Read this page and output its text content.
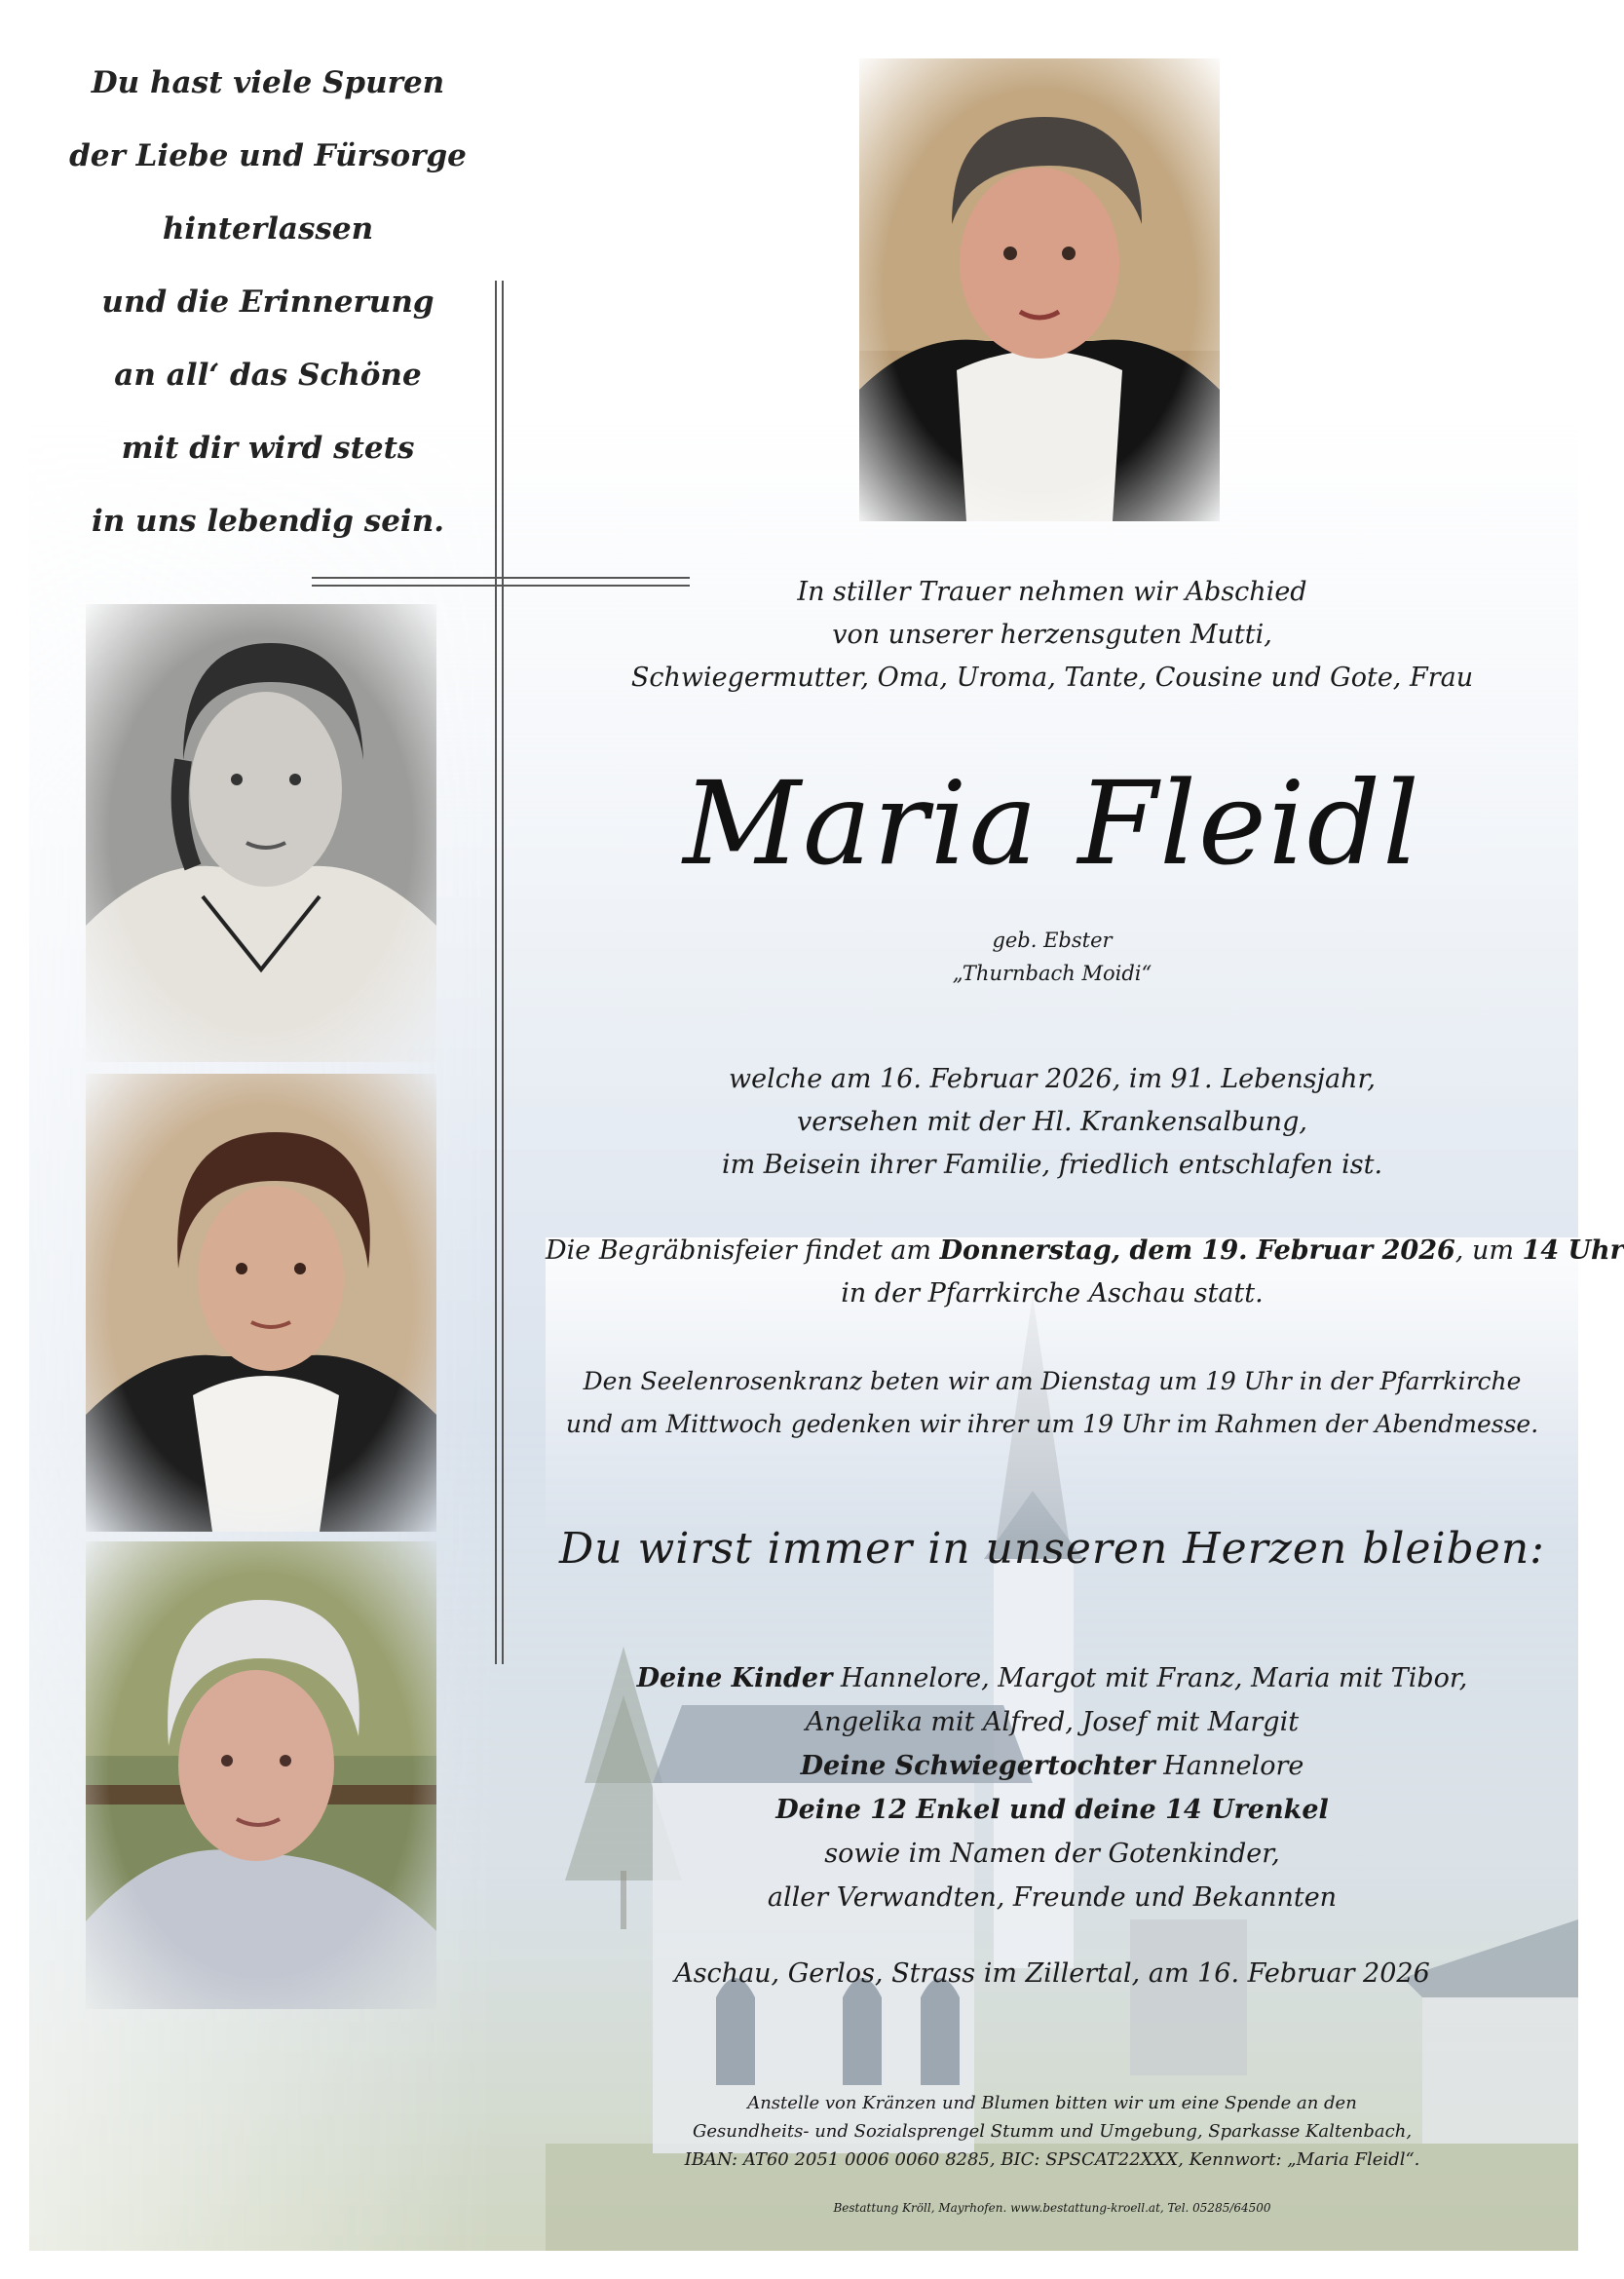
Du hast viele Spuren
der Liebe und Fürsorge
hinterlassen
und die Erinnerung
an all‘ das Schöne
mit dir wird stets
in uns lebendig sein.
In stiller Trauer nehmen wir Abschied
von unserer herzensguten Mutti,
Schwiegermutter, Oma, Uroma, Tante, Cousine und Gote, Frau
Maria Fleidl
geb. Ebster
„Thurnbach Moidi“
welche am 16. Februar 2026, im 91. Lebensjahr,
versehen mit der Hl. Krankensalbung,
im Beisein ihrer Familie, friedlich entschlafen ist.
Die Begräbnisfeier findet am Donnerstag, dem 19. Februar 2026, um 14 Uhr
in der Pfarrkirche Aschau statt.
Den Seelenrosenkranz beten wir am Dienstag um 19 Uhr in der Pfarrkirche
und am Mittwoch gedenken wir ihrer um 19 Uhr im Rahmen der Abendmesse.
Du wirst immer in unseren Herzen bleiben:
Deine Kinder Hannelore, Margot mit Franz, Maria mit Tibor,
Angelika mit Alfred, Josef mit Margit
Deine Schwiegertochter Hannelore
Deine 12 Enkel und deine 14 Urenkel
sowie im Namen der Gotenkinder,
aller Verwandten, Freunde und Bekannten
Aschau, Gerlos, Strass im Zillertal, am 16. Februar 2026
Anstelle von Kränzen und Blumen bitten wir um eine Spende an den
Gesundheits- und Sozialsprengel Stumm und Umgebung, Sparkasse Kaltenbach,
IBAN: AT60 2051 0006 0060 8285, BIC: SPSCAT22XXX, Kennwort: „Maria Fleidl“.
Bestattung Kröll, Mayrhofen. www.bestattung-kroell.at, Tel. 05285/64500
